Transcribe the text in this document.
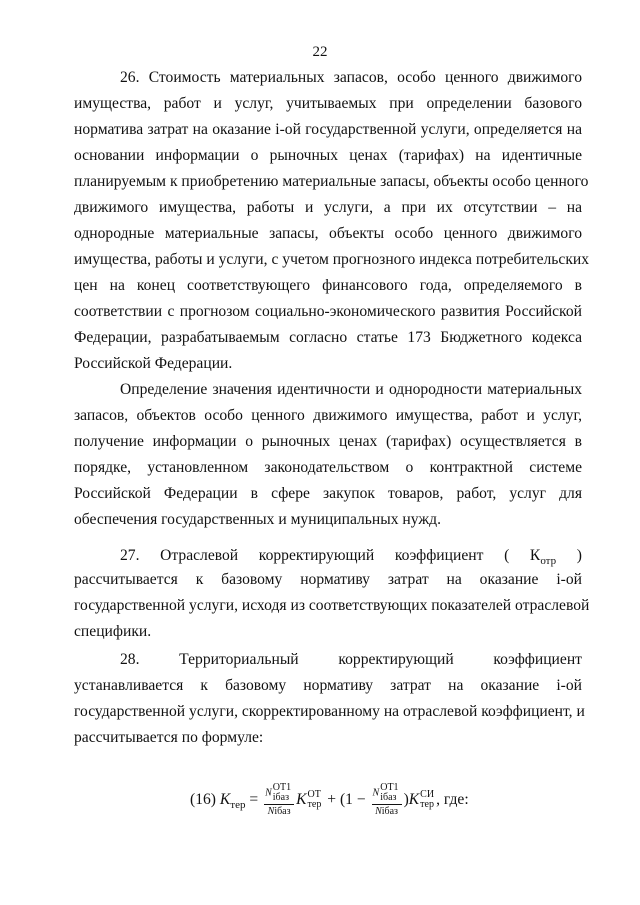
22
26. Стоимость материальных запасов, особо ценного движимого
имущества, работ и услуг, учитываемых при определении базового
норматива затрат на оказание i-ой государственной услуги, определяется на
основании информации о рыночных ценах (тарифах) на идентичные
планируемым к приобретению материальные запасы, объекты особо ценного
движимого имущества, работы и услуги, а при их отсутствии – на
однородные материальные запасы, объекты особо ценного движимого
имущества, работы и услуги, с учетом прогнозного индекса потребительских
цен на конец соответствующего финансового года, определяемого в
соответствии с прогнозом социально-экономического развития Российской
Федерации, разрабатываемым согласно статье 173 Бюджетного кодекса
Российской Федерации.
Определение значения идентичности и однородности материальных
запасов, объектов особо ценного движимого имущества, работ и услуг,
получение информации о рыночных ценах (тарифах) осуществляется в
порядке, установленном законодательством о контрактной системе
Российской Федерации в сфере закупок товаров, работ, услуг для
обеспечения государственных и муниципальных нужд.
рассчитывается к базовому нормативу затрат на оказание i-ой
государственной услуги, исходя из соответствующих показателей отраслевой
специфики.
28. Территориальный корректирующий коэффициент
устанавливается к базовому нормативу затрат на оказание i-ой
государственной услуги, скорректированному на отраслевой коэффициент, и
рассчитывается по формуле:
27. Отраслевой корректирующий коэффициент ( $К_{отр}$ )
(16)
$K_{тер}$
=
N ОТ1
iбаз
Niбаз K ОТ
тер
+ (1 −
N ОТ1
iбаз
Niбаз ) K СИ
тер , где:
